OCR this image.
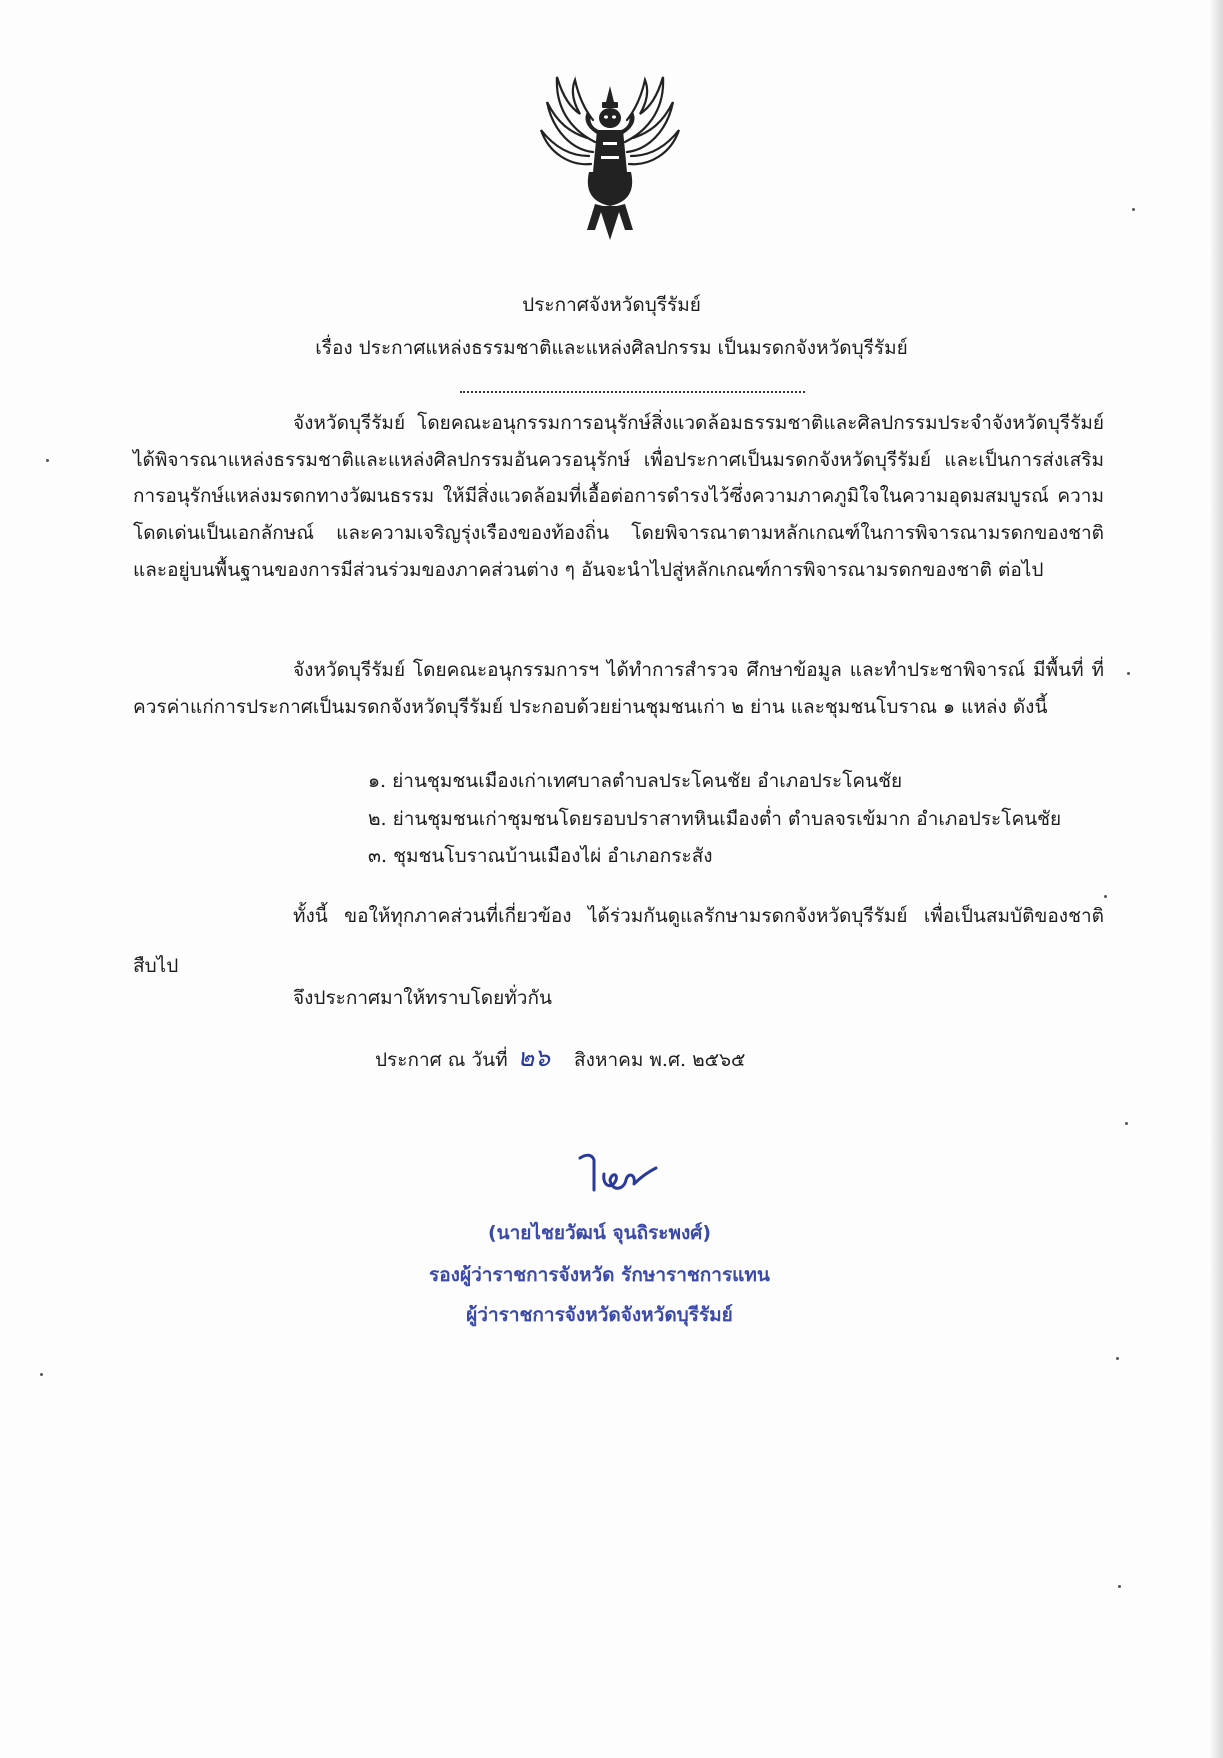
ประกาศจังหวัดบุรีรัมย์
เรื่อง ประกาศแหล่งธรรมชาติและแหล่งศิลปกรรม เป็นมรดกจังหวัดบุรีรัมย์
จังหวัดบุรีรัมย์ โดยคณะอนุกรรมการอนุรักษ์สิ่งแวดล้อมธรรมชาติและศิลปกรรมประจำจังหวัดบุรีรัมย์ ได้พิจารณาแหล่งธรรมชาติและแหล่งศิลปกรรมอันควรอนุรักษ์ เพื่อประกาศเป็นมรดกจังหวัดบุรีรัมย์ และเป็นการส่งเสริมการอนุรักษ์แหล่งมรดกทางวัฒนธรรม ให้มีสิ่งแวดล้อมที่เอื้อต่อการดำรงไว้ซึ่งความภาคภูมิใจในความอุดมสมบูรณ์ ความโดดเด่นเป็นเอกลักษณ์ และความเจริญรุ่งเรืองของท้องถิ่น โดยพิจารณาตามหลักเกณฑ์ในการพิจารณามรดกของชาติ และอยู่บนพื้นฐานของการมีส่วนร่วมของภาคส่วนต่าง ๆ อันจะนำไปสู่หลักเกณฑ์การพิจารณามรดกของชาติ ต่อไป
จังหวัดบุรีรัมย์ โดยคณะอนุกรรมการฯ ได้ทำการสำรวจ ศึกษาข้อมูล และทำประชาพิจารณ์ มีพื้นที่ ที่ควรค่าแก่การประกาศเป็นมรดกจังหวัดบุรีรัมย์ ประกอบด้วยย่านชุมชนเก่า ๒ ย่าน และชุมชนโบราณ ๑ แหล่ง ดังนี้
๑. ย่านชุมชนเมืองเก่าเทศบาลตำบลประโคนชัย อำเภอประโคนชัย
๒. ย่านชุมชนเก่าชุมชนโดยรอบปราสาทหินเมืองต่ำ ตำบลจรเข้มาก อำเภอประโคนชัย
๓. ชุมชนโบราณบ้านเมืองไผ่ อำเภอกระสัง
ทั้งนี้ ขอให้ทุกภาคส่วนที่เกี่ยวข้อง ได้ร่วมกันดูแลรักษามรดกจังหวัดบุรีรัมย์ เพื่อเป็นสมบัติของชาติ สืบไป
จึงประกาศมาให้ทราบโดยทั่วกัน
ประกาศ ณ วันที่ ๒๖ สิงหาคม พ.ศ. ๒๕๖๕
(นายไชยวัฒน์ จุนถิระพงศ์)
รองผู้ว่าราชการจังหวัด รักษาราชการแทน
ผู้ว่าราชการจังหวัดจังหวัดบุรีรัมย์
